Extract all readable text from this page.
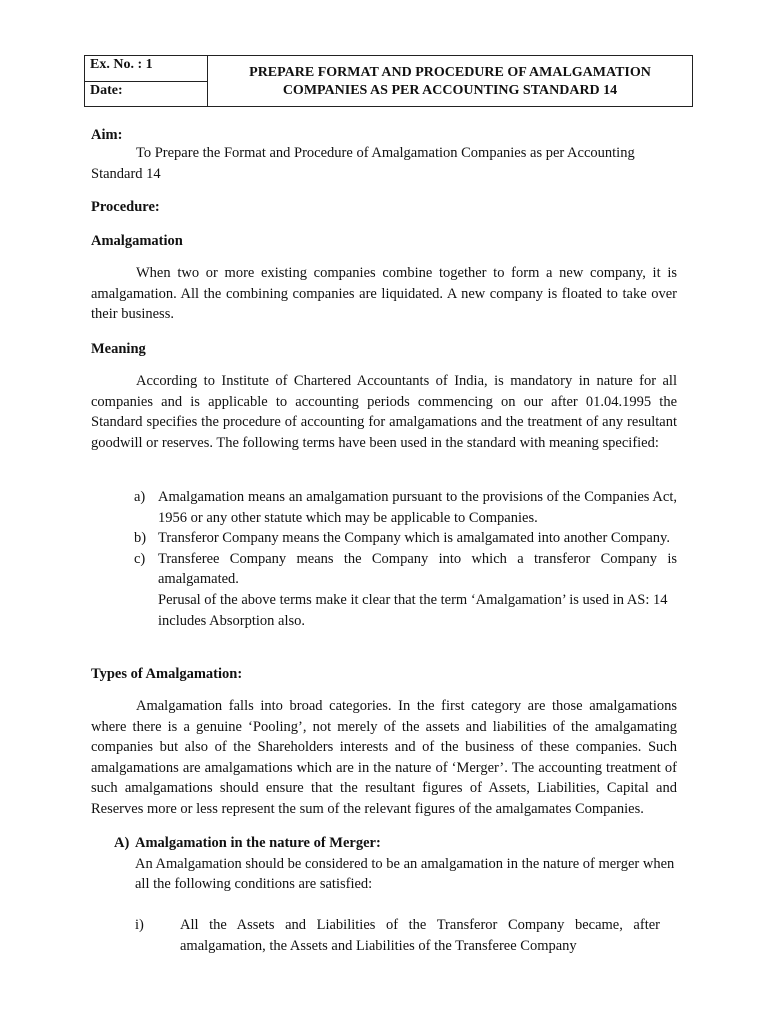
Ex. No. : 1
Date:
PREPARE FORMAT AND PROCEDURE OF AMALGAMATION
COMPANIES AS PER ACCOUNTING STANDARD 14
Aim:
To Prepare the Format and Procedure of Amalgamation Companies as per Accounting Standard 14
Procedure:
Amalgamation
When two or more existing companies combine together to form a new company, it is amalgamation. All the combining companies are liquidated. A new company is floated to take over their business.
Meaning
According to Institute of Chartered Accountants of India, is mandatory in nature for all companies and is applicable to accounting periods commencing on our after 01.04.1995 the Standard specifies the procedure of accounting for amalgamations and the treatment of any resultant goodwill or reserves. The following terms have been used in the standard with meaning specified:
a) Amalgamation means an amalgamation pursuant to the provisions of the Companies Act, 1956 or any other statute which may be applicable to Companies.
b) Transferor Company means the Company which is amalgamated into another Company.
c) Transferee Company means the Company into which a transferor Company is amalgamated.
Perusal of the above terms make it clear that the term ‘Amalgamation’ is used in AS: 14 includes Absorption also.
Types of Amalgamation:
Amalgamation falls into broad categories. In the first category are those amalgamations where there is a genuine ‘Pooling’, not merely of the assets and liabilities of the amalgamating companies but also of the Shareholders interests and of the business of these companies. Such amalgamations are amalgamations which are in the nature of ‘Merger’. The accounting treatment of such amalgamations should ensure that the resultant figures of Assets, Liabilities, Capital and Reserves more or less represent the sum of the relevant figures of the amalgamates Companies.
A) Amalgamation in the nature of Merger:
An Amalgamation should be considered to be an amalgamation in the nature of merger when all the following conditions are satisfied:
i)	All the Assets and Liabilities of the Transferor Company became, after amalgamation, the Assets and Liabilities of the Transferee Company
